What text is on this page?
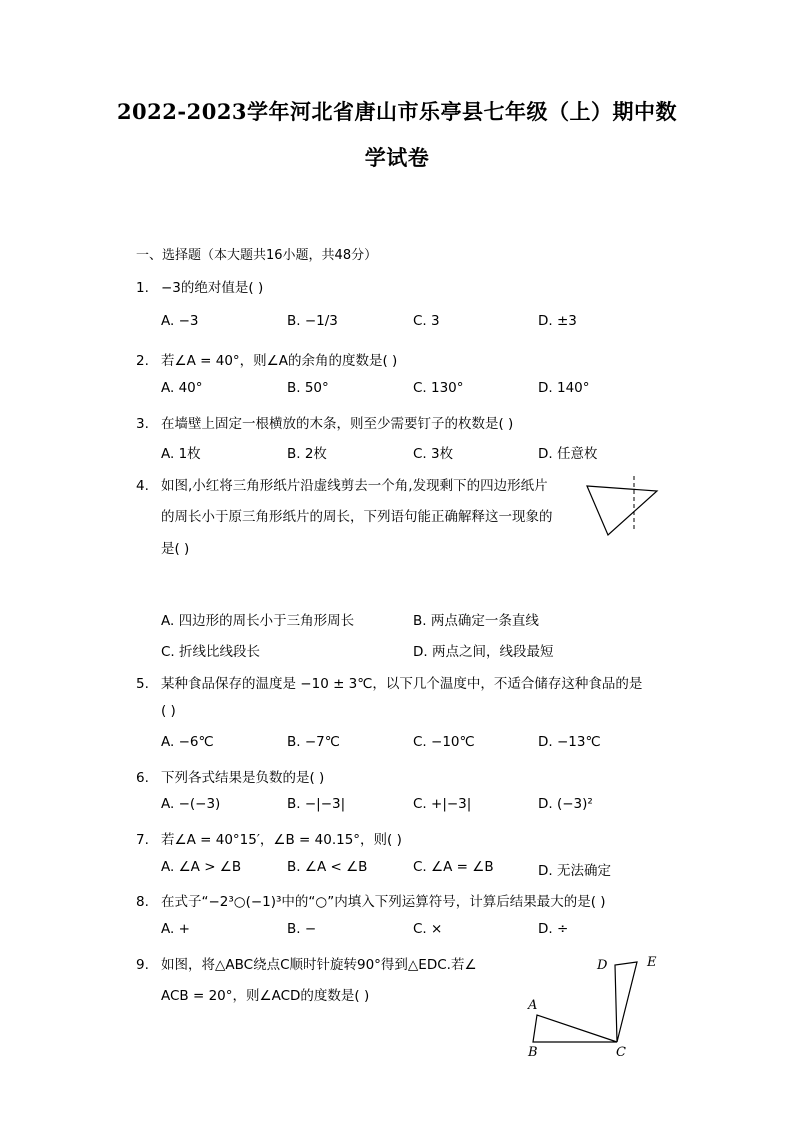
2022-2023学年河北省唐山市乐亭县七年级（上）期中数
学试卷
一、选择题（本大题共16小题，共48分）
1. −3的绝对值是( )
A. −3	B. −1/3	C. 3	D. ±3
2. 若∠A = 40°，则∠A的余角的度数是( )
A. 40°	B. 50°	C. 130°	D. 140°
3. 在墙壁上固定一根横放的木条，则至少需要钉子的枚数是( )
A. 1枚	B. 2枚	C. 3枚	D. 任意枚
4. 如图,小红将三角形纸片沿虚线剪去一个角,发现剩下的四边形纸片
的周长小于原三角形纸片的周长，下列语句能正确解释这一现象的
是( )
A. 四边形的周长小于三角形周长	B. 两点确定一条直线
C. 折线比线段长	D. 两点之间，线段最短
5. 某种食品保存的温度是 −10 ± 3℃，以下几个温度中，不适合储存这种食品的是
( )
A. −6℃	B. −7℃	C. −10℃	D. −13℃
6. 下列各式结果是负数的是( )
A. −(−3)	B. −|−3|	C. +|−3|	D. (−3)²
7. 若∠A = 40°15′，∠B = 40.15°，则( )
A. ∠A > ∠B	B. ∠A < ∠B	C. ∠A = ∠B	D. 无法确定
8. 在式子“−2³○(−1)³中的“○”内填入下列运算符号，计算后结果最大的是( )
A. +	B. −	C. ×	D. ÷
9. 如图，将△ABC绕点C顺时针旋转90°得到△EDC.若∠
ACB = 20°，则∠ACD的度数是( )
A
B	C
D	E
